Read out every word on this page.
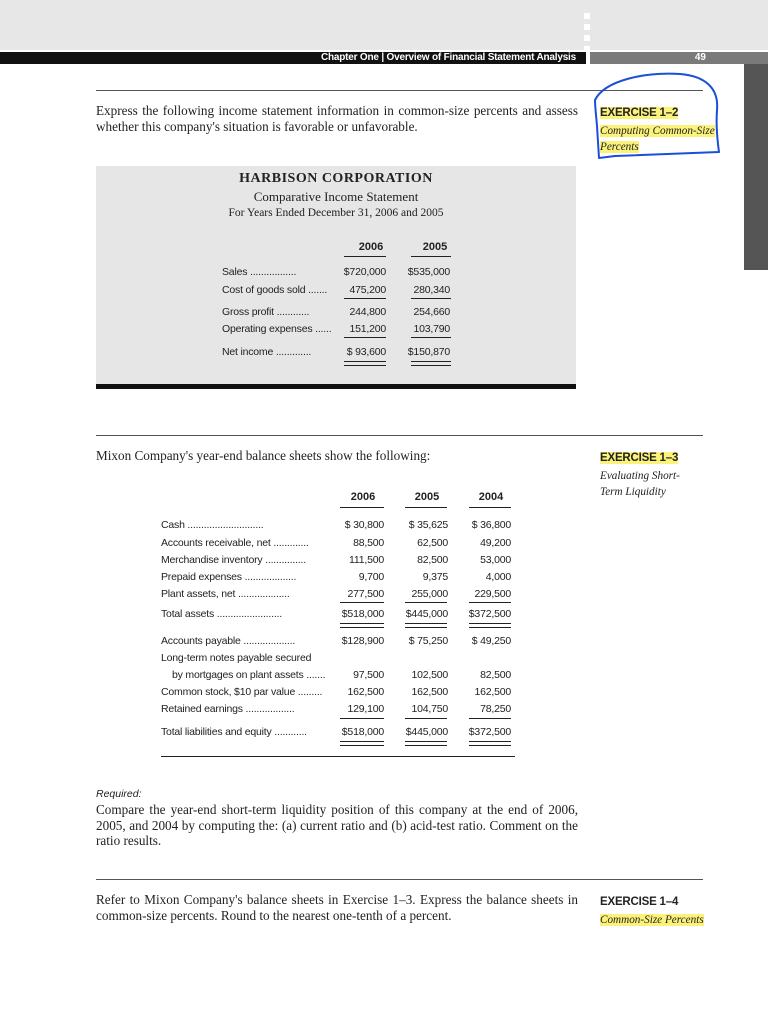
Chapter One | Overview of Financial Statement Analysis	49
Express the following income statement information in common-size percents and assess whether this company's situation is favorable or unfavorable.
EXERCISE 1–2
Computing Common-Size Percents
HARBISON CORPORATION
Comparative Income Statement
For Years Ended December 31, 2006 and 2005
2006	2005
Sales .................	$720,000	$535,000
Cost of goods sold .......	475,200	280,340
Gross profit ............	244,800	254,660
Operating expenses ......	151,200	103,790
Net income .............	$ 93,600	$150,870
Mixon Company's year-end balance sheets show the following:	EXERCISE 1–3
Evaluating Short-Term Liquidity
2006	2005	2004
Cash ............................	$ 30,800	$ 35,625	$ 36,800
Accounts receivable, net .............	88,500	62,500	49,200
Merchandise inventory ...............	111,500	82,500	53,000
Prepaid expenses ...................	9,700	9,375	4,000
Plant assets, net ...................	277,500	255,000	229,500
Total assets ........................	$518,000	$445,000	$372,500
Accounts payable ...................	$128,900	$ 75,250	$ 49,250
Long-term notes payable secured
by mortgages on plant assets .......	97,500	102,500	82,500
Common stock, $10 par value .........	162,500	162,500	162,500
Retained earnings ..................	129,100	104,750	78,250
Total liabilities and equity ............	$518,000	$445,000	$372,500
Required:
Compare the year-end short-term liquidity position of this company at the end of 2006, 2005, and 2004 by computing the: (a) current ratio and (b) acid-test ratio. Comment on the ratio results.
Refer to Mixon Company's balance sheets in Exercise 1–3. Express the balance sheets in common-size percents. Round to the nearest one-tenth of a percent.
EXERCISE 1–4
Common-Size Percents
